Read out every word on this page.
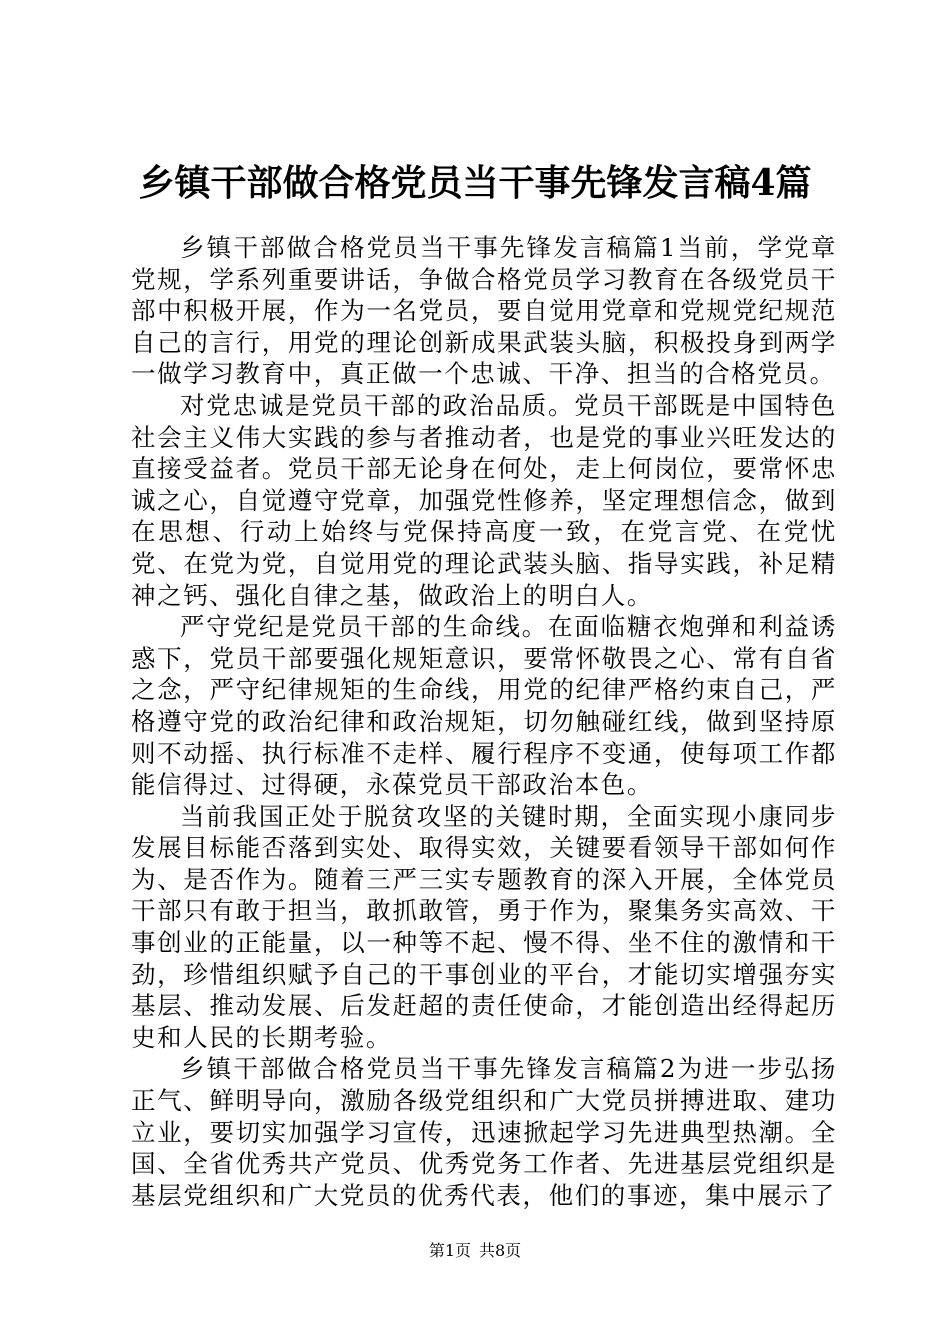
乡镇干部做合格党员当干事先锋发言稿4篇

乡镇干部做合格党员当干事先锋发言稿篇1当前，学党章党规，学系列重要讲话，争做合格党员学习教育在各级党员干部中积极开展，作为一名党员，要自觉用党章和党规党纪规范自己的言行，用党的理论创新成果武装头脑，积极投身到两学一做学习教育中，真正做一个忠诚、干净、担当的合格党员。

对党忠诚是党员干部的政治品质。党员干部既是中国特色社会主义伟大实践的参与者推动者，也是党的事业兴旺发达的直接受益者。党员干部无论身在何处，走上何岗位，要常怀忠诚之心，自觉遵守党章，加强党性修养，坚定理想信念，做到在思想、行动上始终与党保持高度一致，在党言党、在党忧党、在党为党，自觉用党的理论武装头脑、指导实践，补足精神之钙、强化自律之基，做政治上的明白人。

严守党纪是党员干部的生命线。在面临糖衣炮弹和利益诱惑下，党员干部要强化规矩意识，要常怀敬畏之心、常有自省之念，严守纪律规矩的生命线，用党的纪律严格约束自己，严格遵守党的政治纪律和政治规矩，切勿触碰红线，做到坚持原则不动摇、执行标准不走样、履行程序不变通，使每项工作都能信得过、过得硬，永葆党员干部政治本色。

当前我国正处于脱贫攻坚的关键时期，全面实现小康同步发展目标能否落到实处、取得实效，关键要看领导干部如何作为、是否作为。随着三严三实专题教育的深入开展，全体党员干部只有敢于担当，敢抓敢管，勇于作为，聚集务实高效、干事创业的正能量，以一种等不起、慢不得、坐不住的激情和干劲，珍惜组织赋予自己的干事创业的平台，才能切实增强夯实基层、推动发展、后发赶超的责任使命，才能创造出经得起历史和人民的长期考验。

乡镇干部做合格党员当干事先锋发言稿篇2为进一步弘扬正气、鲜明导向，激励各级党组织和广大党员拼搏进取、建功立业，要切实加强学习宣传，迅速掀起学习先进典型热潮。全国、全省优秀共产党员、优秀党务工作者、先进基层党组织是基层党组织和广大党员的优秀代表，他们的事迹，集中展示了

第1页 共8页
